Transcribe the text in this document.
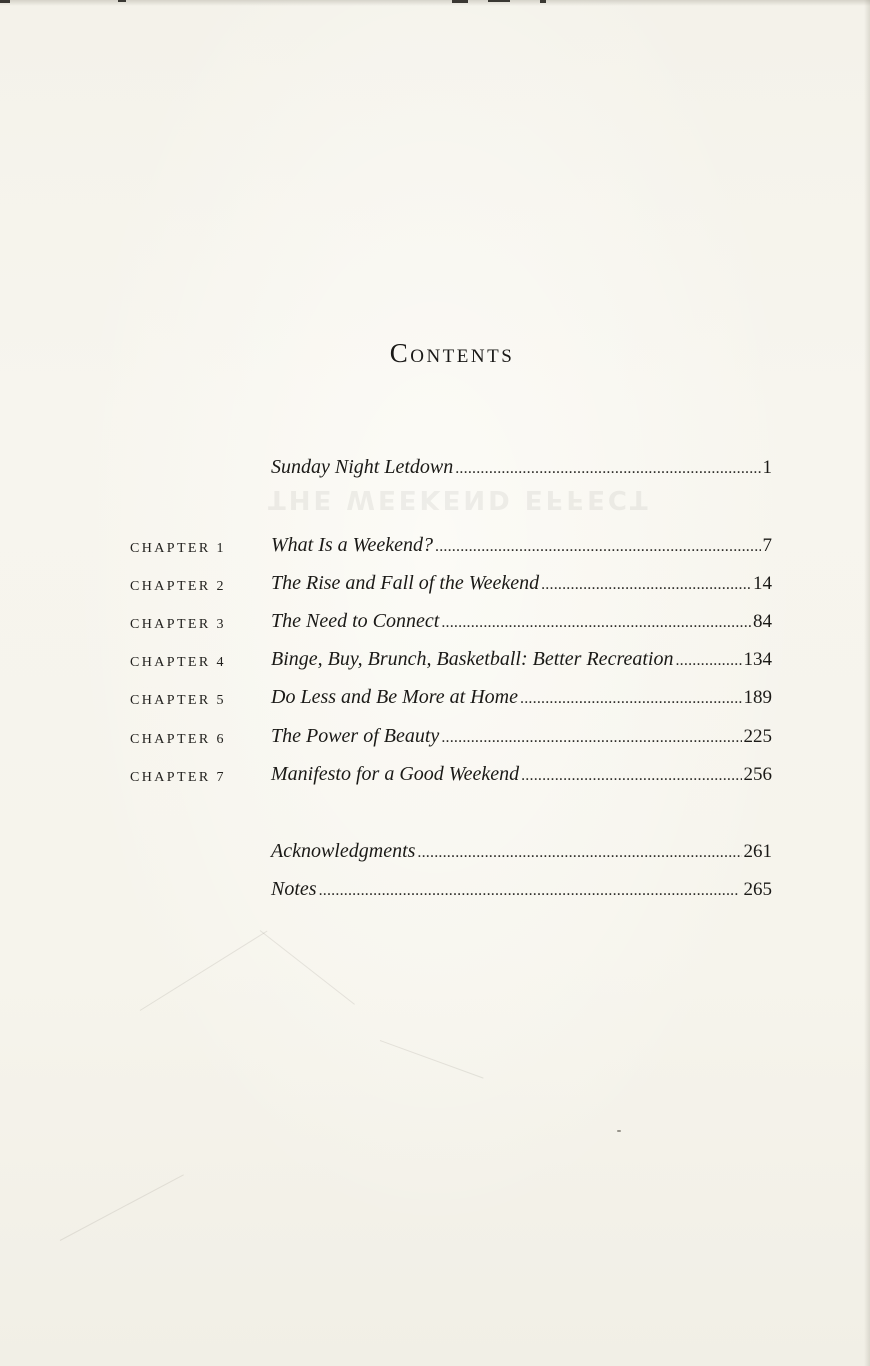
Contents
THE WEEKEND EFFECT
Sunday Night Letdown . . .	1
CHAPTER 1 What Is a Weekend? . . .	7
CHAPTER 2 The Rise and Fall of the Weekend . . .	14
CHAPTER 3 The Need to Connect . . .	84
CHAPTER 4 Binge, Buy, Brunch, Basketball: Better Recreation . . .	134
CHAPTER 5 Do Less and Be More at Home . . .	189
CHAPTER 6 The Power of Beauty . . .	225
CHAPTER 7 Manifesto for a Good Weekend . . .	256
Acknowledgments . . .	261
Notes . . .	265
